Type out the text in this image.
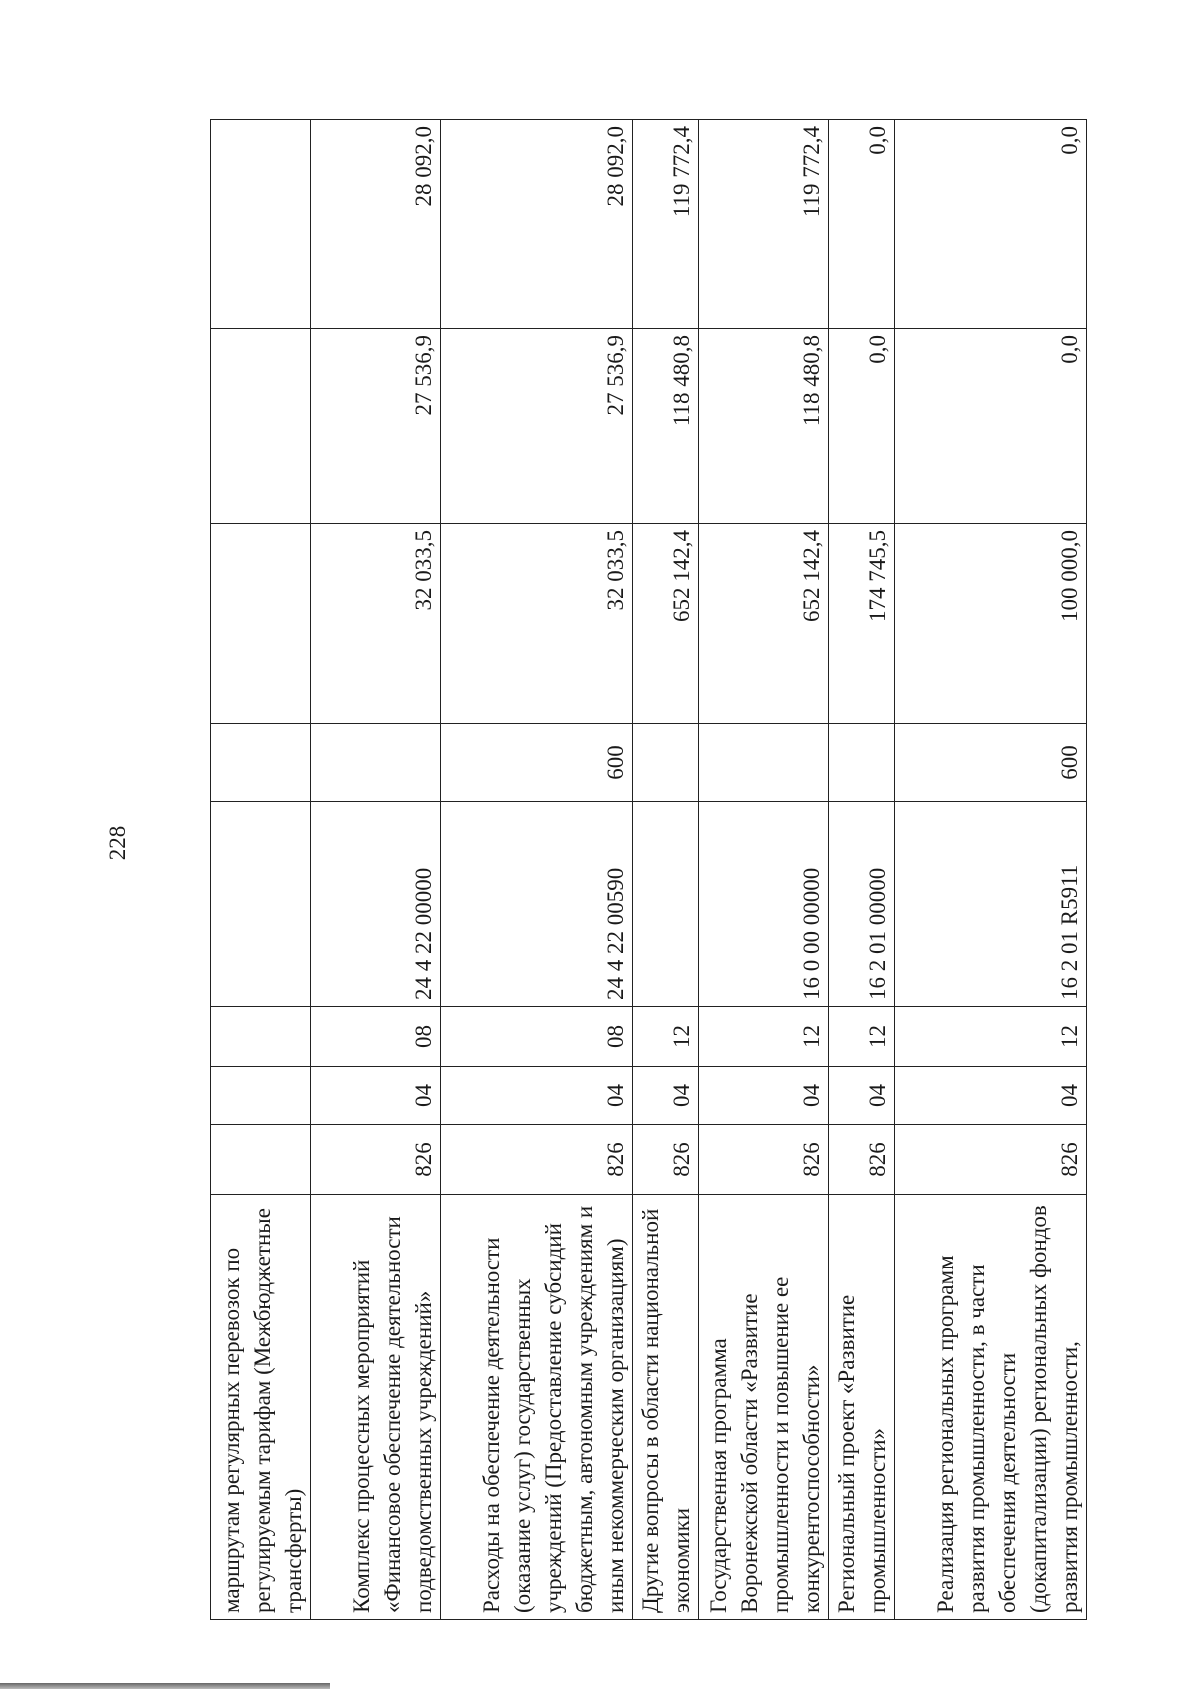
228
маршрутам регулярных перевозок по регулируемым тарифам (Межбюджетные трансферты)								
Комплекс процессных мероприятий «Финансовое обеспечение деятельности подведомственных учреждений»	826	04	08	24 4 22 00000		32 033,5	27 536,9	28 092,0
Расходы на обеспечение деятельности (оказание услуг) государственных учреждений (Предоставление субсидий бюджетным, автономным учреждениям и иным некоммерческим организациям)	826	04	08	24 4 22 00590	600	32 033,5	27 536,9	28 092,0
Другие вопросы в области национальной экономики	826	04	12			652 142,4	118 480,8	119 772,4
Государственная программа Воронежской области «Развитие промышленности и повышение ее конкурентоспособности»	826	04	12	16 0 00 00000		652 142,4	118 480,8	119 772,4
Региональный проект «Развитие промышленности»	826	04	12	16 2 01 00000		174 745,5	0,0	0,0
Реализация региональных программ развития промышленности, в части обеспечения деятельности (докапитализации) региональных фондов развития промышленности,	826	04	12	16 2 01 R5911	600	100 000,0	0,0	0,0
